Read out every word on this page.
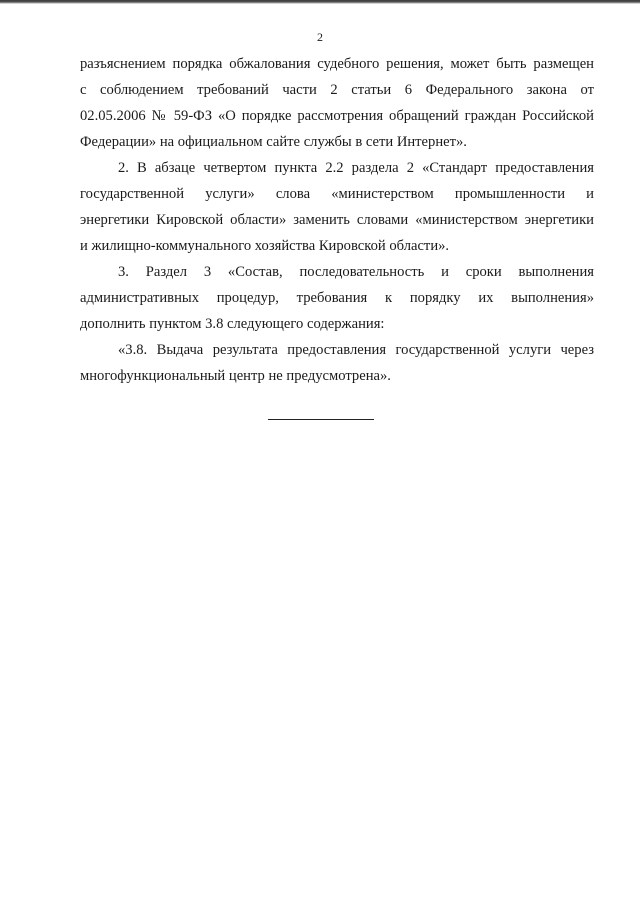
2

разъяснением порядка обжалования судебного решения, может быть размещен
с соблюдением требований части 2 статьи 6 Федерального закона от
02.05.2006 № 59-ФЗ «О порядке рассмотрения обращений граждан Российской
Федерации» на официальном сайте службы в сети Интернет».

2. В абзаце четвертом пункта 2.2 раздела 2 «Стандарт предоставления
государственной услуги» слова «министерством промышленности и
энергетики Кировской области» заменить словами «министерством энергетики
и жилищно-коммунального хозяйства Кировской области».

3. Раздел 3 «Состав, последовательность и сроки выполнения
административных процедур, требования к порядку их выполнения»
дополнить пунктом 3.8 следующего содержания:

«3.8. Выдача результата предоставления государственной услуги через
многофункциональный центр не предусмотрена».
